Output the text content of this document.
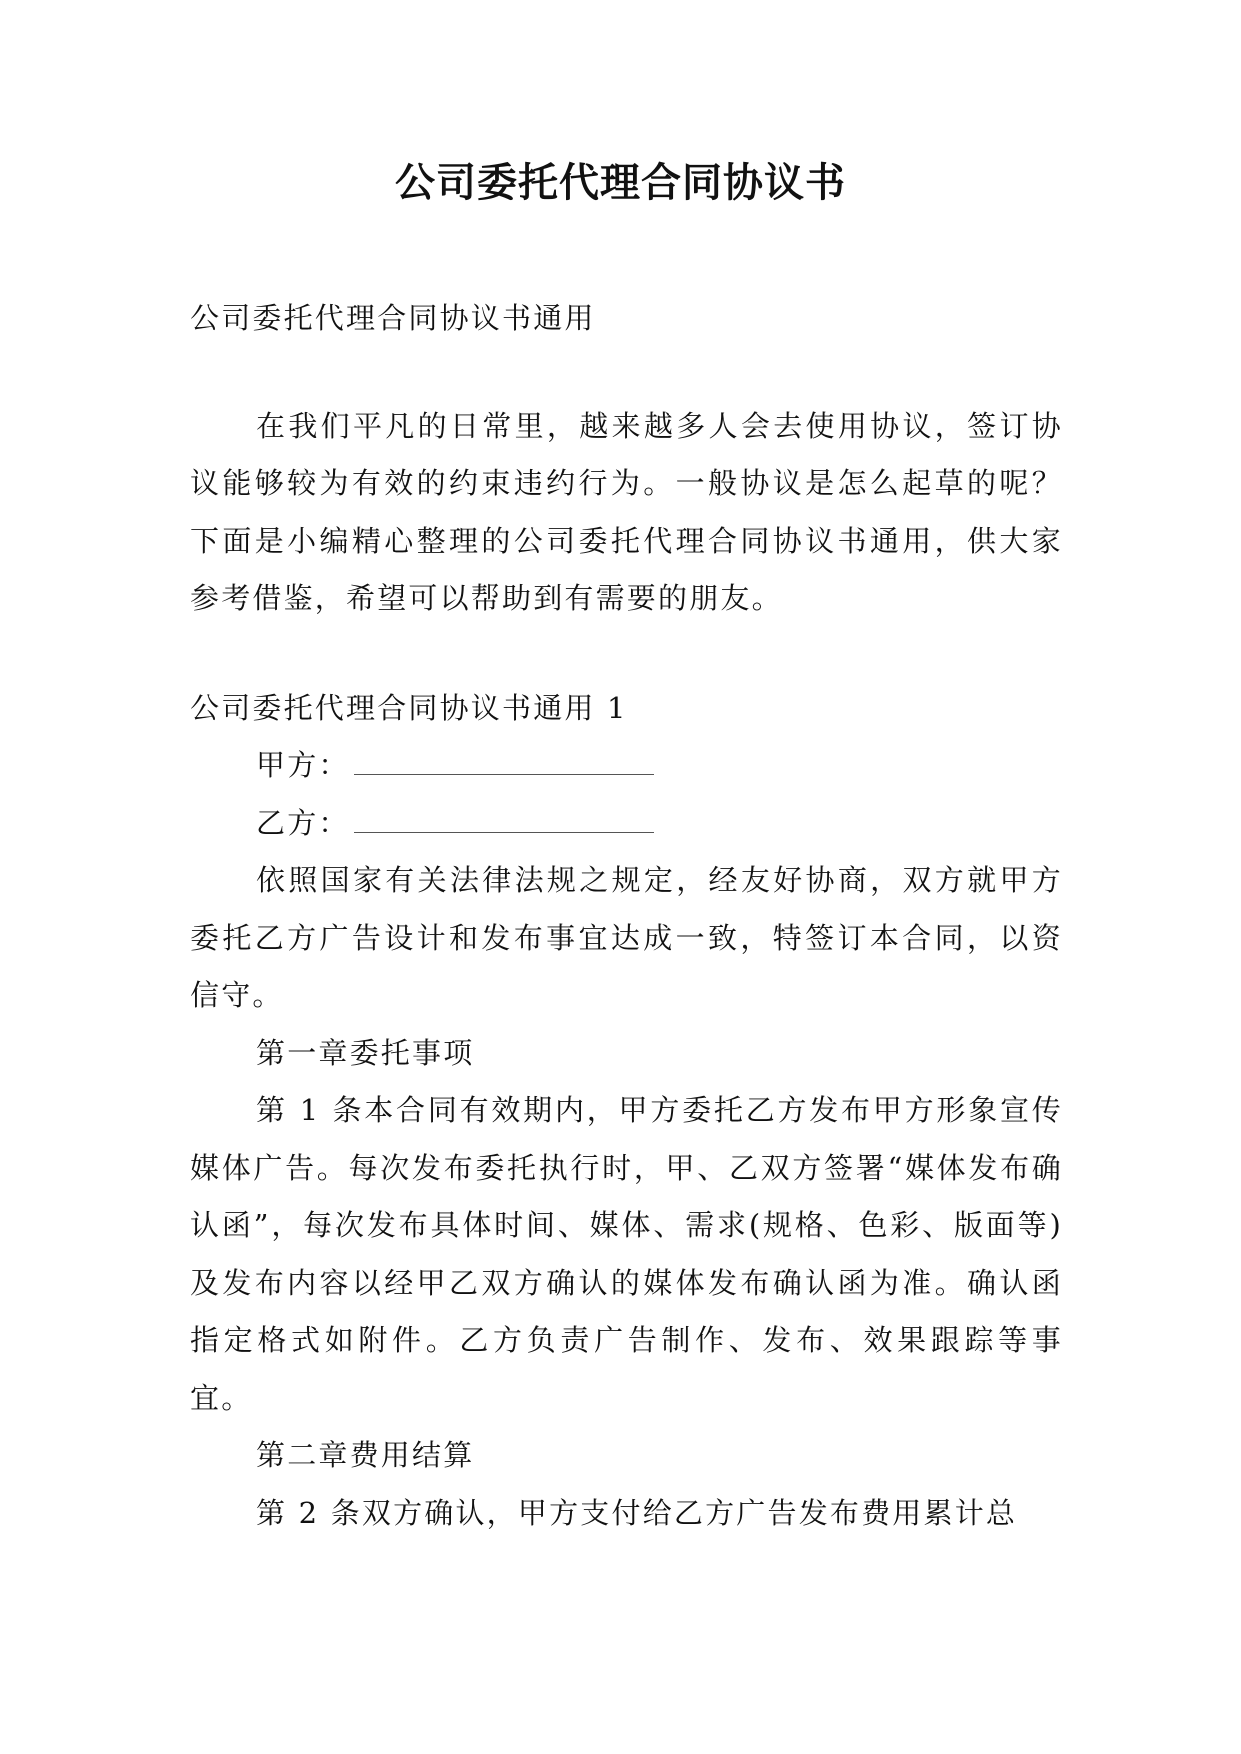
公司委托代理合同协议书

公司委托代理合同协议书通用

在我们平凡的日常里，越来越多人会去使用协议，签订协议能够较为有效的约束违约行为。一般协议是怎么起草的呢？下面是小编精心整理的公司委托代理合同协议书通用，供大家参考借鉴，希望可以帮助到有需要的朋友。

公司委托代理合同协议书通用 1

甲方：

乙方：

依照国家有关法律法规之规定，经友好协商，双方就甲方委托乙方广告设计和发布事宜达成一致，特签订本合同，以资信守。

第一章委托事项

第 1 条本合同有效期内，甲方委托乙方发布甲方形象宣传媒体广告。每次发布委托执行时，甲、乙双方签署“媒体发布确认函”，每次发布具体时间、媒体、需求(规格、色彩、版面等)及发布内容以经甲乙双方确认的媒体发布确认函为准。确认函指定格式如附件。乙方负责广告制作、发布、效果跟踪等事宜。

第二章费用结算

第 2 条双方确认，甲方支付给乙方广告发布费用累计总
